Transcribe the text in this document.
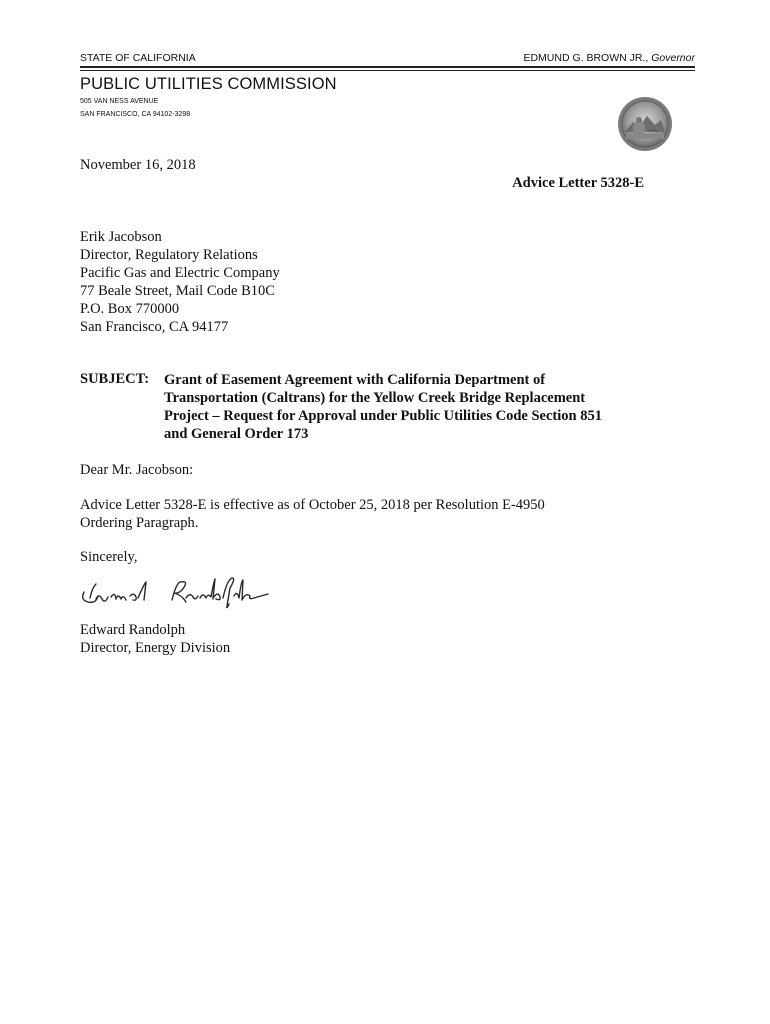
STATE OF CALIFORNIA	EDMUND G. BROWN JR., Governor
PUBLIC UTILITIES COMMISSION
505 VAN NESS AVENUE
SAN FRANCISCO, CA 94102-3298
November 16, 2018
Advice Letter 5328-E
Erik Jacobson
Director, Regulatory Relations
Pacific Gas and Electric Company
77 Beale Street, Mail Code B10C
P.O. Box 770000
San Francisco, CA 94177
SUBJECT: Grant of Easement Agreement with California Department of
Transportation (Caltrans) for the Yellow Creek Bridge Replacement
Project – Request for Approval under Public Utilities Code Section 851
and General Order 173
Dear Mr. Jacobson:
Advice Letter 5328-E is effective as of October 25, 2018 per Resolution E-4950
Ordering Paragraph.
Sincerely,
Edward Randolph
Director, Energy Division
